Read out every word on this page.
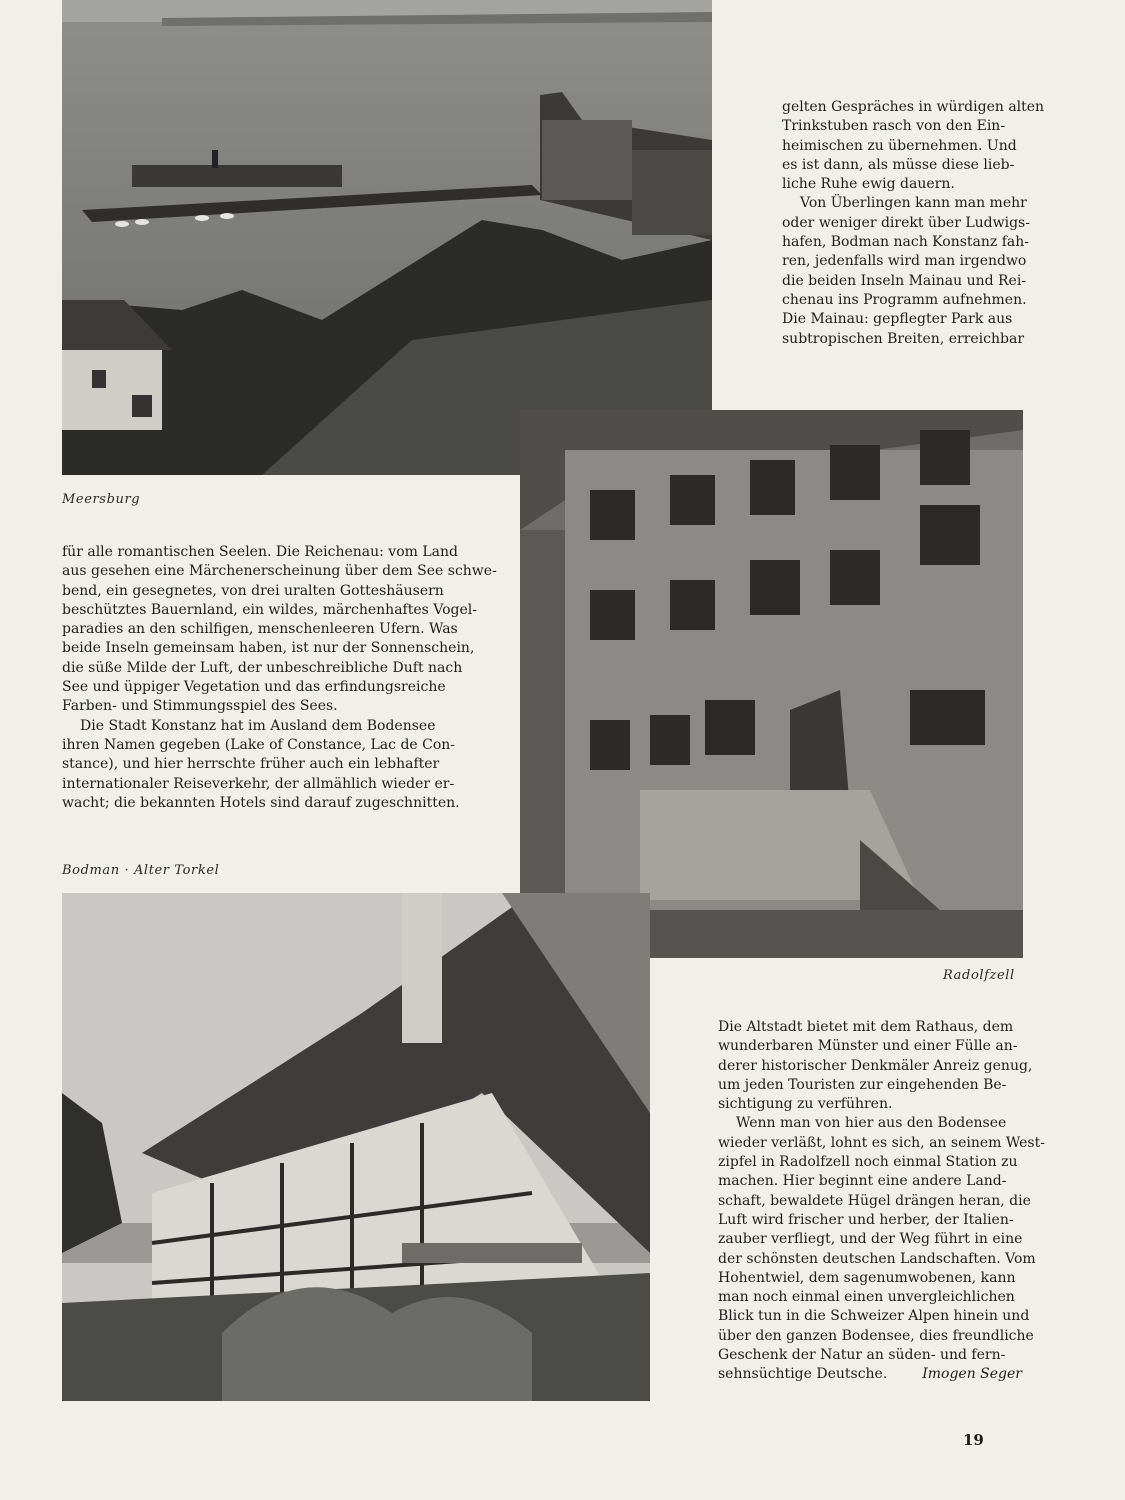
Meersburg
gelten Gespräches in würdigen alten
Trinkstuben rasch von den Ein-
heimischen zu übernehmen. Und
es ist dann, als müsse diese lieb-
liche Ruhe ewig dauern.
Von Überlingen kann man mehr
oder weniger direkt über Ludwigs-
hafen, Bodman nach Konstanz fah-
ren, jedenfalls wird man irgendwo
die beiden Inseln Mainau und Rei-
chenau ins Programm aufnehmen.
Die Mainau: gepflegter Park aus
subtropischen Breiten, erreichbar
Radolfzell
für alle romantischen Seelen. Die Reichenau: vom Land
aus gesehen eine Märchenerscheinung über dem See schwe-
bend, ein gesegnetes, von drei uralten Gotteshäusern
beschütztes Bauernland, ein wildes, märchenhaftes Vogel-
paradies an den schilfigen, menschenleeren Ufern. Was
beide Inseln gemeinsam haben, ist nur der Sonnenschein,
die süße Milde der Luft, der unbeschreibliche Duft nach
See und üppiger Vegetation und das erfindungsreiche
Farben- und Stimmungsspiel des Sees.
Die Stadt Konstanz hat im Ausland dem Bodensee
ihren Namen gegeben (Lake of Constance, Lac de Con-
stance), und hier herrschte früher auch ein lebhafter
internationaler Reiseverkehr, der allmählich wieder er-
wacht; die bekannten Hotels sind darauf zugeschnitten.
Bodman · Alter Torkel
Die Altstadt bietet mit dem Rathaus, dem
wunderbaren Münster und einer Fülle an-
derer historischer Denkmäler Anreiz genug,
um jeden Touristen zur eingehenden Be-
sichtigung zu verführen.
Wenn man von hier aus den Bodensee
wieder verläßt, lohnt es sich, an seinem West-
zipfel in Radolfzell noch einmal Station zu
machen. Hier beginnt eine andere Land-
schaft, bewaldete Hügel drängen heran, die
Luft wird frischer und herber, der Italien-
zauber verfliegt, und der Weg führt in eine
der schönsten deutschen Landschaften. Vom
Hohentwiel, dem sagenumwobenen, kann
man noch einmal einen unvergleichlichen
Blick tun in die Schweizer Alpen hinein und
über den ganzen Bodensee, dies freundliche
Geschenk der Natur an süden- und fern-
sehnsüchtige Deutsche. Imogen Seger
19
